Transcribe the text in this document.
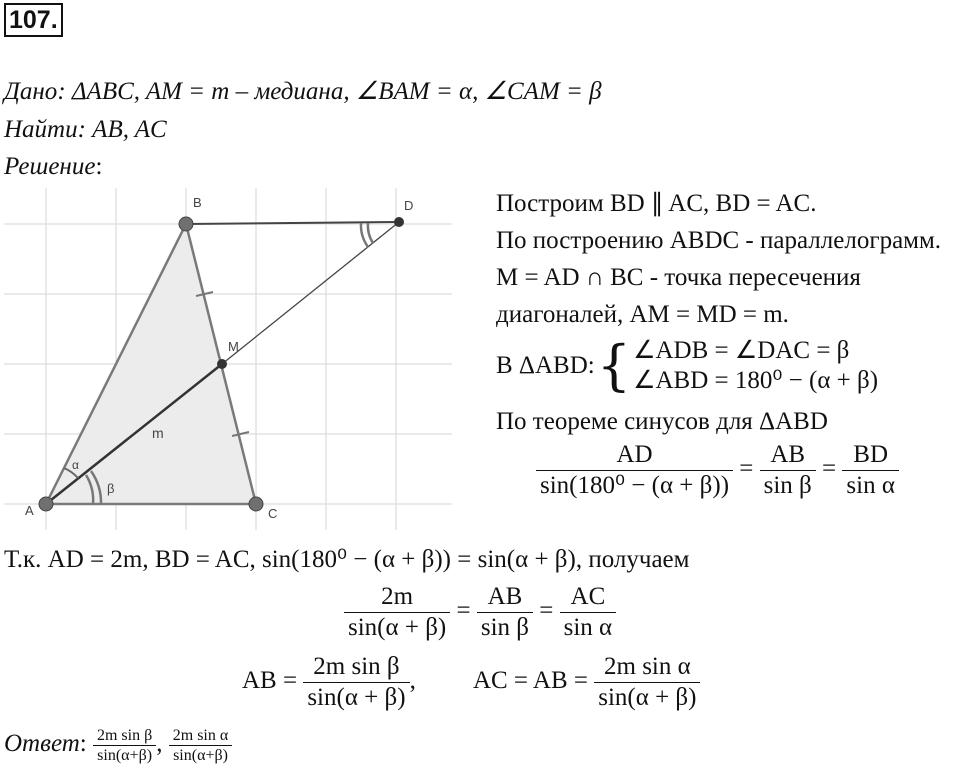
107.
Дано: ΔABC, AM = m – медиана, ∠BAM = α, ∠CAM = β
Найти: AB, AC
Решение:
A
B
C
D
M
m
α
β
Построим BD ∥ AC, BD = AC.
По построению ABDC - параллелограмм.
M = AD ∩ BC - точка пересечения
диагоналей, AM = MD = m.
В ΔABD: { ∠ADB = ∠DAC = β
∠ABD = 180⁰ − (α + β)
По теореме синусов для ΔABD
$\frac{AD}{\text{sin(180⁰ − (α + β))}} = \frac{AB}{\text{sin β}} = \frac{BD}{\text{sin α}}$
Т.к. AD = 2m, BD = AC, sin(180⁰ − (α + β)) = sin(α + β), получаем
$\frac{2m}{\sin(\alpha + \beta)} = \frac{AB}{\text{sin β}} = \frac{AC}{\text{sin α}}$
AB = $\frac{\text{2m sin β}}{\sin(\alpha + \beta)}$ , AC = AB = $\frac{\text{2m sin α}}{\sin(\alpha + \beta)}$
Ответ: $\frac{\text{2m sin β}}{\sin(\alpha+\beta)}$ , $\frac{\text{2m sin α}}{\sin(\alpha+\beta)}$
